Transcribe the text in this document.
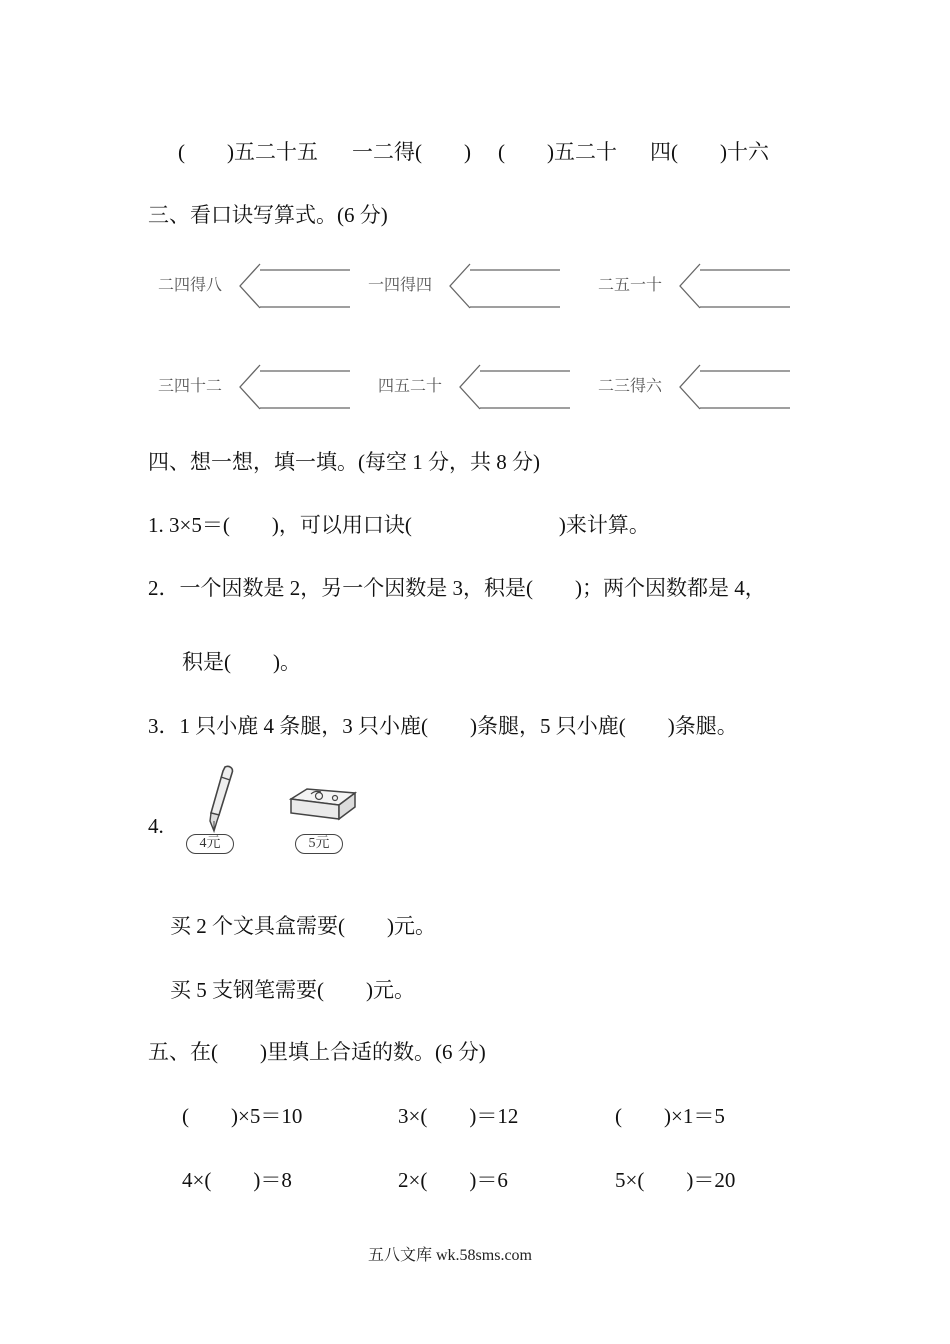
(　　)五二十五 一二得(　　) (　　)五二十 四(　　)十六
三、看口诀写算式。(6 分)
二四得八	一四得四	二五一十
三四十二	四五二十	二三得六
四、想一想，填一填。(每空 1 分，共 8 分)
1. 3×5＝(　　)，可以用口诀(　　　　　　　)来计算。
2．一个因数是 2，另一个因数是 3，积是(　　)；两个因数都是 4，
积是(　　)。
3．1 只小鹿 4 条腿，3 只小鹿(　　)条腿，5 只小鹿(　　)条腿。
4.
4元	5元
买 2 个文具盒需要(　　)元。
买 5 支钢笔需要(　　)元。
五、在(　　)里填上合适的数。(6 分)
(　　)×5＝10	3×(　　)＝12	(　　)×1＝5
4×(　　)＝8	2×(　　)＝6	5×(　　)＝20
五八文库 wk.58sms.com
